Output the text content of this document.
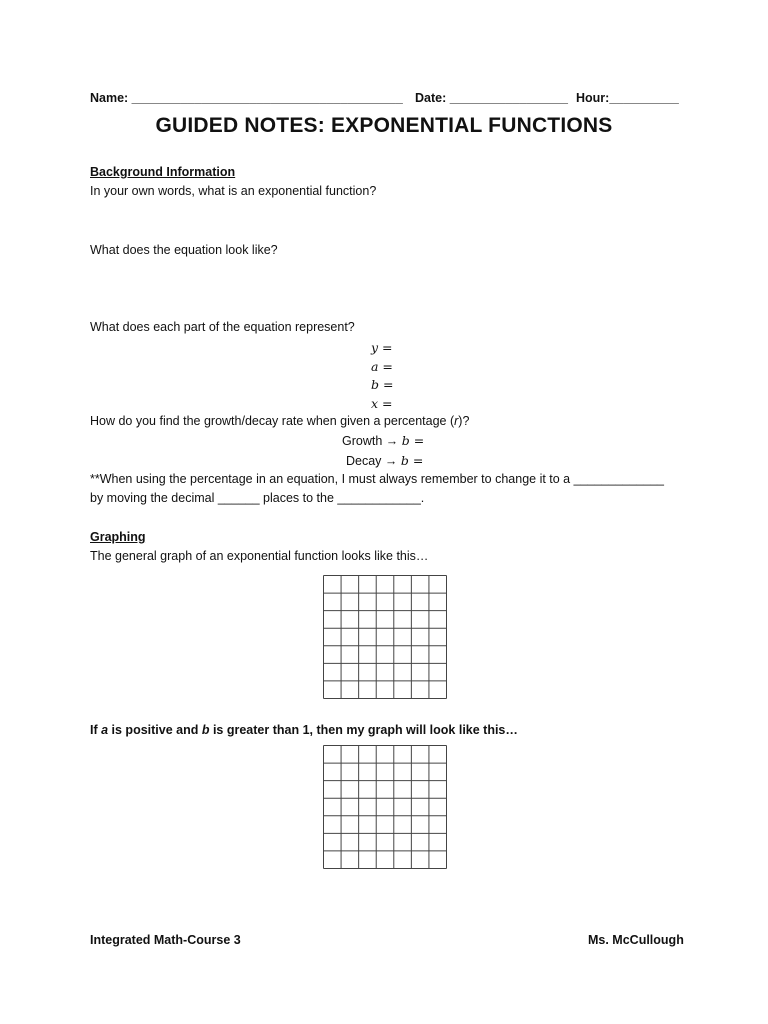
Name: _______________________________________ Date: _________________ Hour:__________
GUIDED NOTES: EXPONENTIAL FUNCTIONS
Background Information
In your own words, what is an exponential function?
What does the equation look like?
What does each part of the equation represent?
y =
a =
b =
x =
How do you find the growth/decay rate when given a percentage (r)?
Growth → b =
Decay → b =
**When using the percentage in an equation, I must always remember to change it to a _____________
by moving the decimal ______ places to the ____________.
Graphing
The general graph of an exponential function looks like this…
If a is positive and b is greater than 1, then my graph will look like this…
Integrated Math-Course 3	Ms. McCullough
